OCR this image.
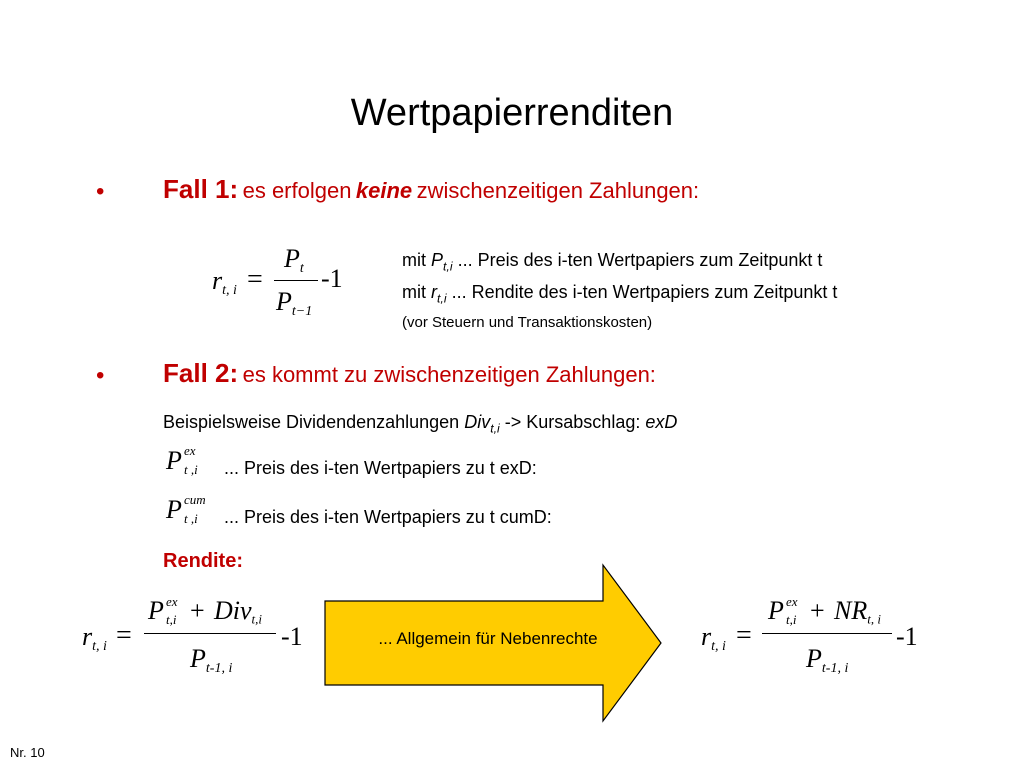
Wertpapierrenditen
• Fall 1: es erfolgen keine zwischenzeitigen Zahlungen:
$r_{t, i}$ =
$P_t$
$P_{t-1}$
-1
mit $P_{t,i}$ ... Preis des i-ten Wertpapiers zum Zeitpunkt t
mit $r_{t,i}$ ... Rendite des i-ten Wertpapiers zum Zeitpunkt t
(vor Steuern und Transaktionskosten)
• Fall 2: es kommt zu zwischenzeitigen Zahlungen:
Beispielsweise Dividendenzahlungen Div$_{t,i}$ -> Kursabschlag: exD
P ex
t ,i ... Preis des i-ten Wertpapiers zu t exD:
P cum
t ,i ... Preis des i-ten Wertpapiers zu t cumD:
Rendite:
$r_{t, i}$ =
P ex
t,i + Div$_{t,i}$
$P_{t-1, i}$
-1	... Allgemein für Nebenrechte	$r_{t, i}$ =
P ex
$t,i + NR_{t, i}$
$P_{t-1, i}$
-1
Nr. 10
